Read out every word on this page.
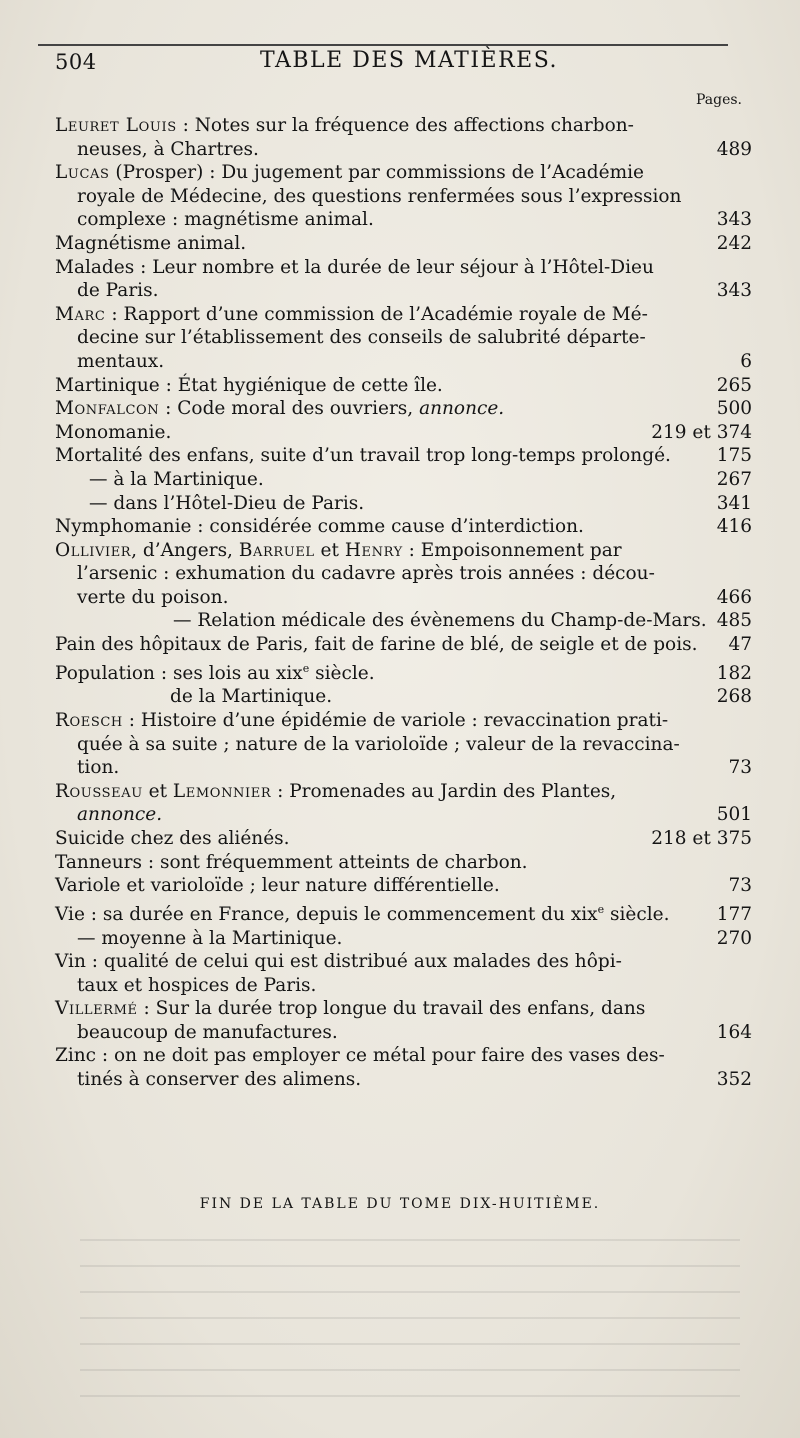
504	TABLE DES MATIÈRES.
Pages.
Leuret Louis : Notes sur la fréquence des affections charbon-
neuses, à Chartres.	489
Lucas (Prosper) : Du jugement par commissions de l’Académie
royale de Médecine, des questions renfermées sous l’expression
complexe : magnétisme animal.	343
Magnétisme animal.	242
Malades : Leur nombre et la durée de leur séjour à l’Hôtel-Dieu
de Paris.	343
Marc : Rapport d’une commission de l’Académie royale de Mé-
decine sur l’établissement des conseils de salubrité départe-
mentaux.	6
Martinique : État hygiénique de cette île.	265
Monfalcon : Code moral des ouvriers, annonce.	500
Monomanie.	219 et 374
Mortalité des enfans, suite d’un travail trop long-temps prolongé.	175
— à la Martinique.	267
— dans l’Hôtel-Dieu de Paris.	341
Nymphomanie : considérée comme cause d’interdiction.	416
Ollivier, d’Angers, Barruel et Henry : Empoisonnement par
l’arsenic : exhumation du cadavre après trois années : décou-
verte du poison.	466
— Relation médicale des évènemens du Champ-de-Mars. 485
Pain des hôpitaux de Paris, fait de farine de blé, de seigle et de pois.	47
Population : ses lois au xix$^e$ siècle.	182
de la Martinique.	268
Roesch : Histoire d’une épidémie de variole : revaccination prati-
quée à sa suite ; nature de la varioloïde ; valeur de la revaccina-
tion.	73
Rousseau et Lemonnier : Promenades au Jardin des Plantes,
annonce.	501
Suicide chez des aliénés.	218 et 375
Tanneurs : sont fréquemment atteints de charbon.
Variole et varioloïde ; leur nature différentielle.	73
Vie : sa durée en France, depuis le commencement du xix$^e$ siècle.	177
— moyenne à la Martinique.	270
Vin : qualité de celui qui est distribué aux malades des hôpi-
taux et hospices de Paris.
Villermé : Sur la durée trop longue du travail des enfans, dans
beaucoup de manufactures.	164
Zinc : on ne doit pas employer ce métal pour faire des vases des-
tinés à conserver des alimens.	352
FIN DE LA TABLE DU TOME DIX-HUITIÈME.
